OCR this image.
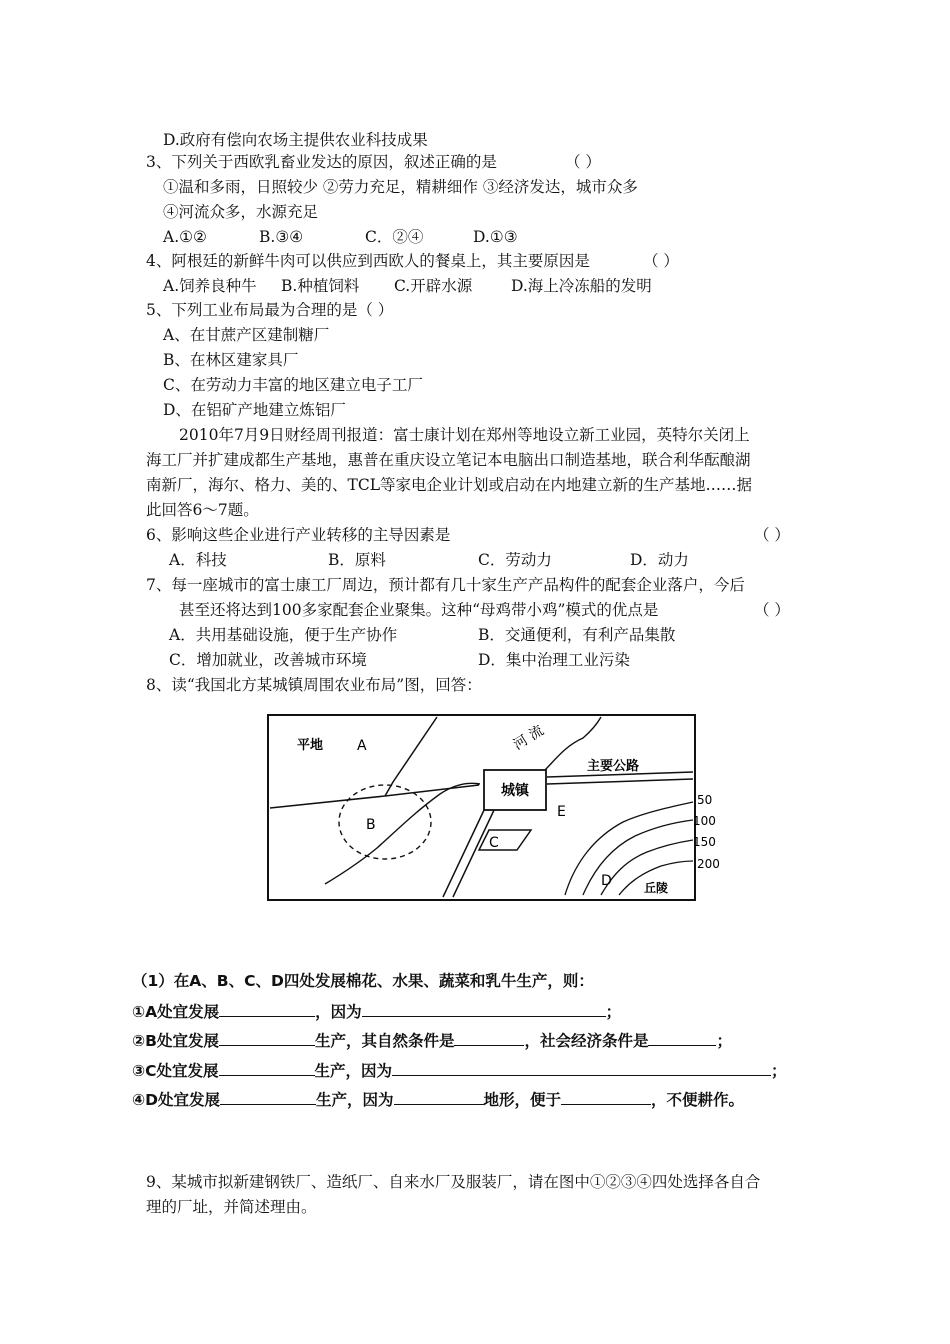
D.政府有偿向农场主提供农业科技成果
3、下列关于西欧乳畜业发达的原因，叙述正确的是	（ ）
①温和多雨，日照较少 ②劳力充足，精耕细作 ③经济发达，城市众多
④河流众多，水源充足
A.①②	B.③④	C．②④	D.①③
4、阿根廷的新鲜牛肉可以供应到西欧人的餐桌上，其主要原因是	（ ）
A.饲养良种牛 B.种植饲料 C.开辟水源	D.海上冷冻船的发明
5、下列工业布局最为合理的是（ ）
A、在甘蔗产区建制糖厂
B、在林区建家具厂
C、在劳动力丰富的地区建立电子工厂
D、在铝矿产地建立炼铝厂
2010年7月9日财经周刊报道：富士康计划在郑州等地设立新工业园，英特尔关闭上
海工厂并扩建成都生产基地，惠普在重庆设立笔记本电脑出口制造基地，联合利华酝酿湖
南新厂，海尔、格力、美的、TCL等家电企业计划或启动在内地建立新的生产基地……据
此回答6～7题。
6、影响这些企业进行产业转移的主导因素是	（ ）
A．科技	B．原料	C．劳动力	D．动力
7、每一座城市的富士康工厂周边，预计都有几十家生产产品构件的配套企业落户，今后
甚至还将达到100多家配套企业聚集。这种“母鸡带小鸡”模式的优点是	（ ）
A．共用基础设施，便于生产协作	B．交通便利，有利产品集散
C．增加就业，改善城市环境	D．集中治理工业污染
8、读“我国北方某城镇周围农业布局”图，回答：
平地 A
B
C
D
E
河 流
主要公路
城镇
丘陵
50
100
150
200
（1）在A、B、C、D四处发展棉花、水果、蔬菜和乳牛生产，则：
①A处宜发展	，因为	；
②B处宜发展	生产，其自然条件是	，社会经济条件是	；
③C处宜发展	生产，因为	；
④D处宜发展	生产，因为	地形，便于	，不便耕作。
9、某城市拟新建钢铁厂、造纸厂、自来水厂及服装厂，请在图中①②③④四处选择各自合
理的厂址，并简述理由。
